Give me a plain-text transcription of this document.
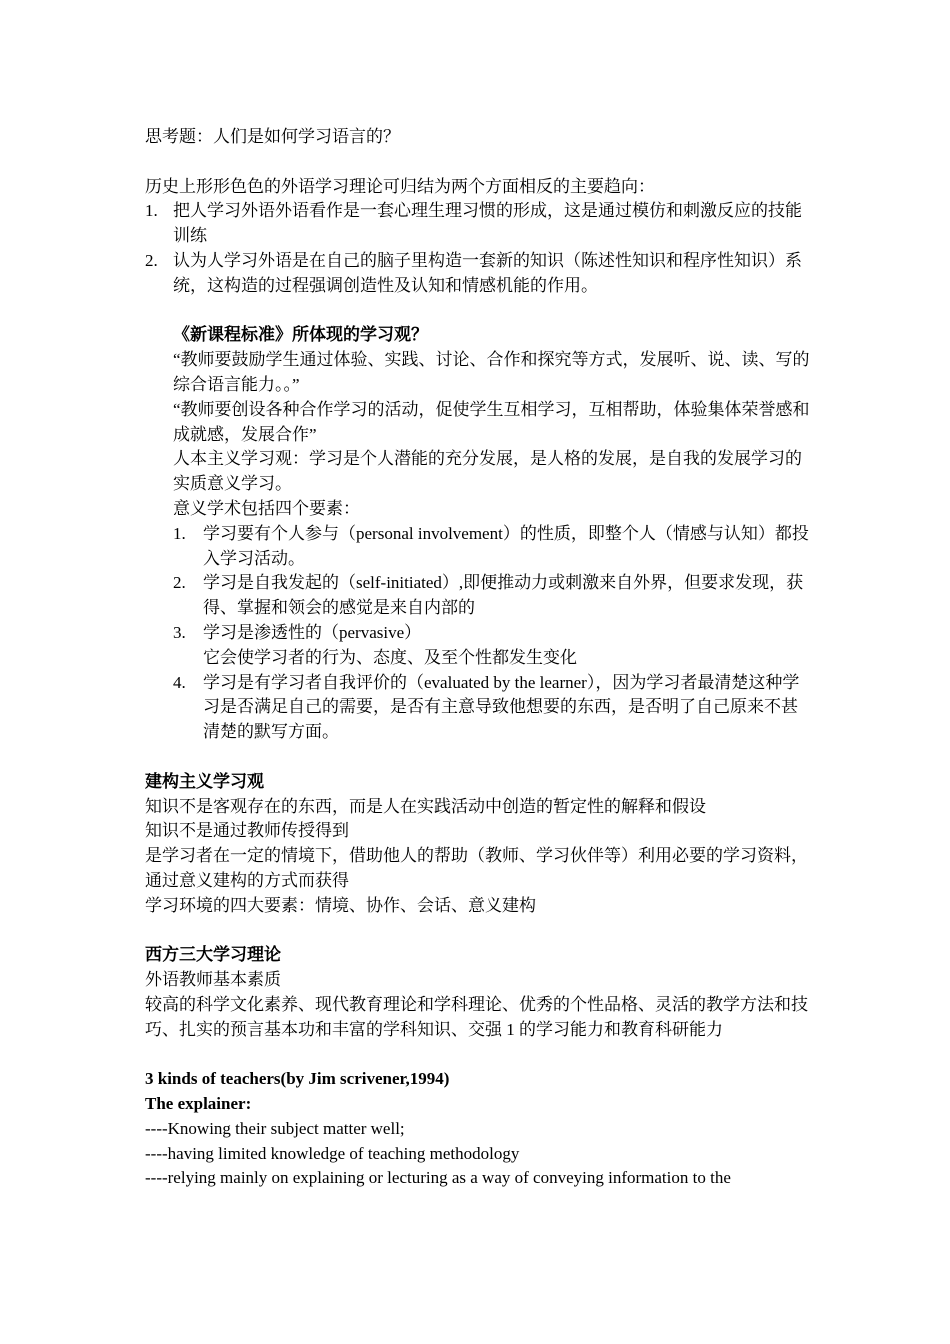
思考题：人们是如何学习语言的？

历史上形形色色的外语学习理论可归结为两个方面相反的主要趋向：

1. 把人学习外语外语看作是一套心理生理习惯的形成，这是通过模仿和刺激反应的技能训练
2. 认为人学习外语是在自己的脑子里构造一套新的知识（陈述性知识和程序性知识）系统，这构造的过程强调创造性及认知和情感机能的作用。

《新课程标准》所体现的学习观？

“教师要鼓励学生通过体验、实践、讨论、合作和探究等方式，发展听、说、读、写的综合语言能力。。”

“教师要创设各种合作学习的活动，促使学生互相学习，互相帮助，体验集体荣誉感和成就感，发展合作”

人本主义学习观：学习是个人潜能的充分发展，是人格的发展，是自我的发展学习的实质意义学习。

意义学术包括四个要素：

1. 学习要有个人参与（personal involvement）的性质，即整个人（情感与认知）都投入学习活动。
2. 学习是自我发起的（self-initiated）,即便推动力或刺激来自外界，但要求发现，获得、掌握和领会的感觉是来自内部的
3. 学习是渗透性的（pervasive）
它会使学习者的行为、态度、及至个性都发生变化
4. 学习是有学习者自我评价的（evaluated by the learner），因为学习者最清楚这种学习是否满足自己的需要，是否有主意导致他想要的东西，是否明了自己原来不甚清楚的默写方面。

建构主义学习观

知识不是客观存在的东西，而是人在实践活动中创造的暂定性的解释和假设

知识不是通过教师传授得到

是学习者在一定的情境下，借助他人的帮助（教师、学习伙伴等）利用必要的学习资料，通过意义建构的方式而获得

学习环境的四大要素：情境、协作、会话、意义建构

西方三大学习理论

外语教师基本素质

较高的科学文化素养、现代教育理论和学科理论、优秀的个性品格、灵活的教学方法和技巧、扎实的预言基本功和丰富的学科知识、交强 1 的学习能力和教育科研能力

3 kinds of teachers(by Jim scrivener,1994)

The explainer:

----Knowing their subject matter well;

----having limited knowledge of teaching methodology

----relying mainly on explaining or lecturing as a way of conveying information to the
